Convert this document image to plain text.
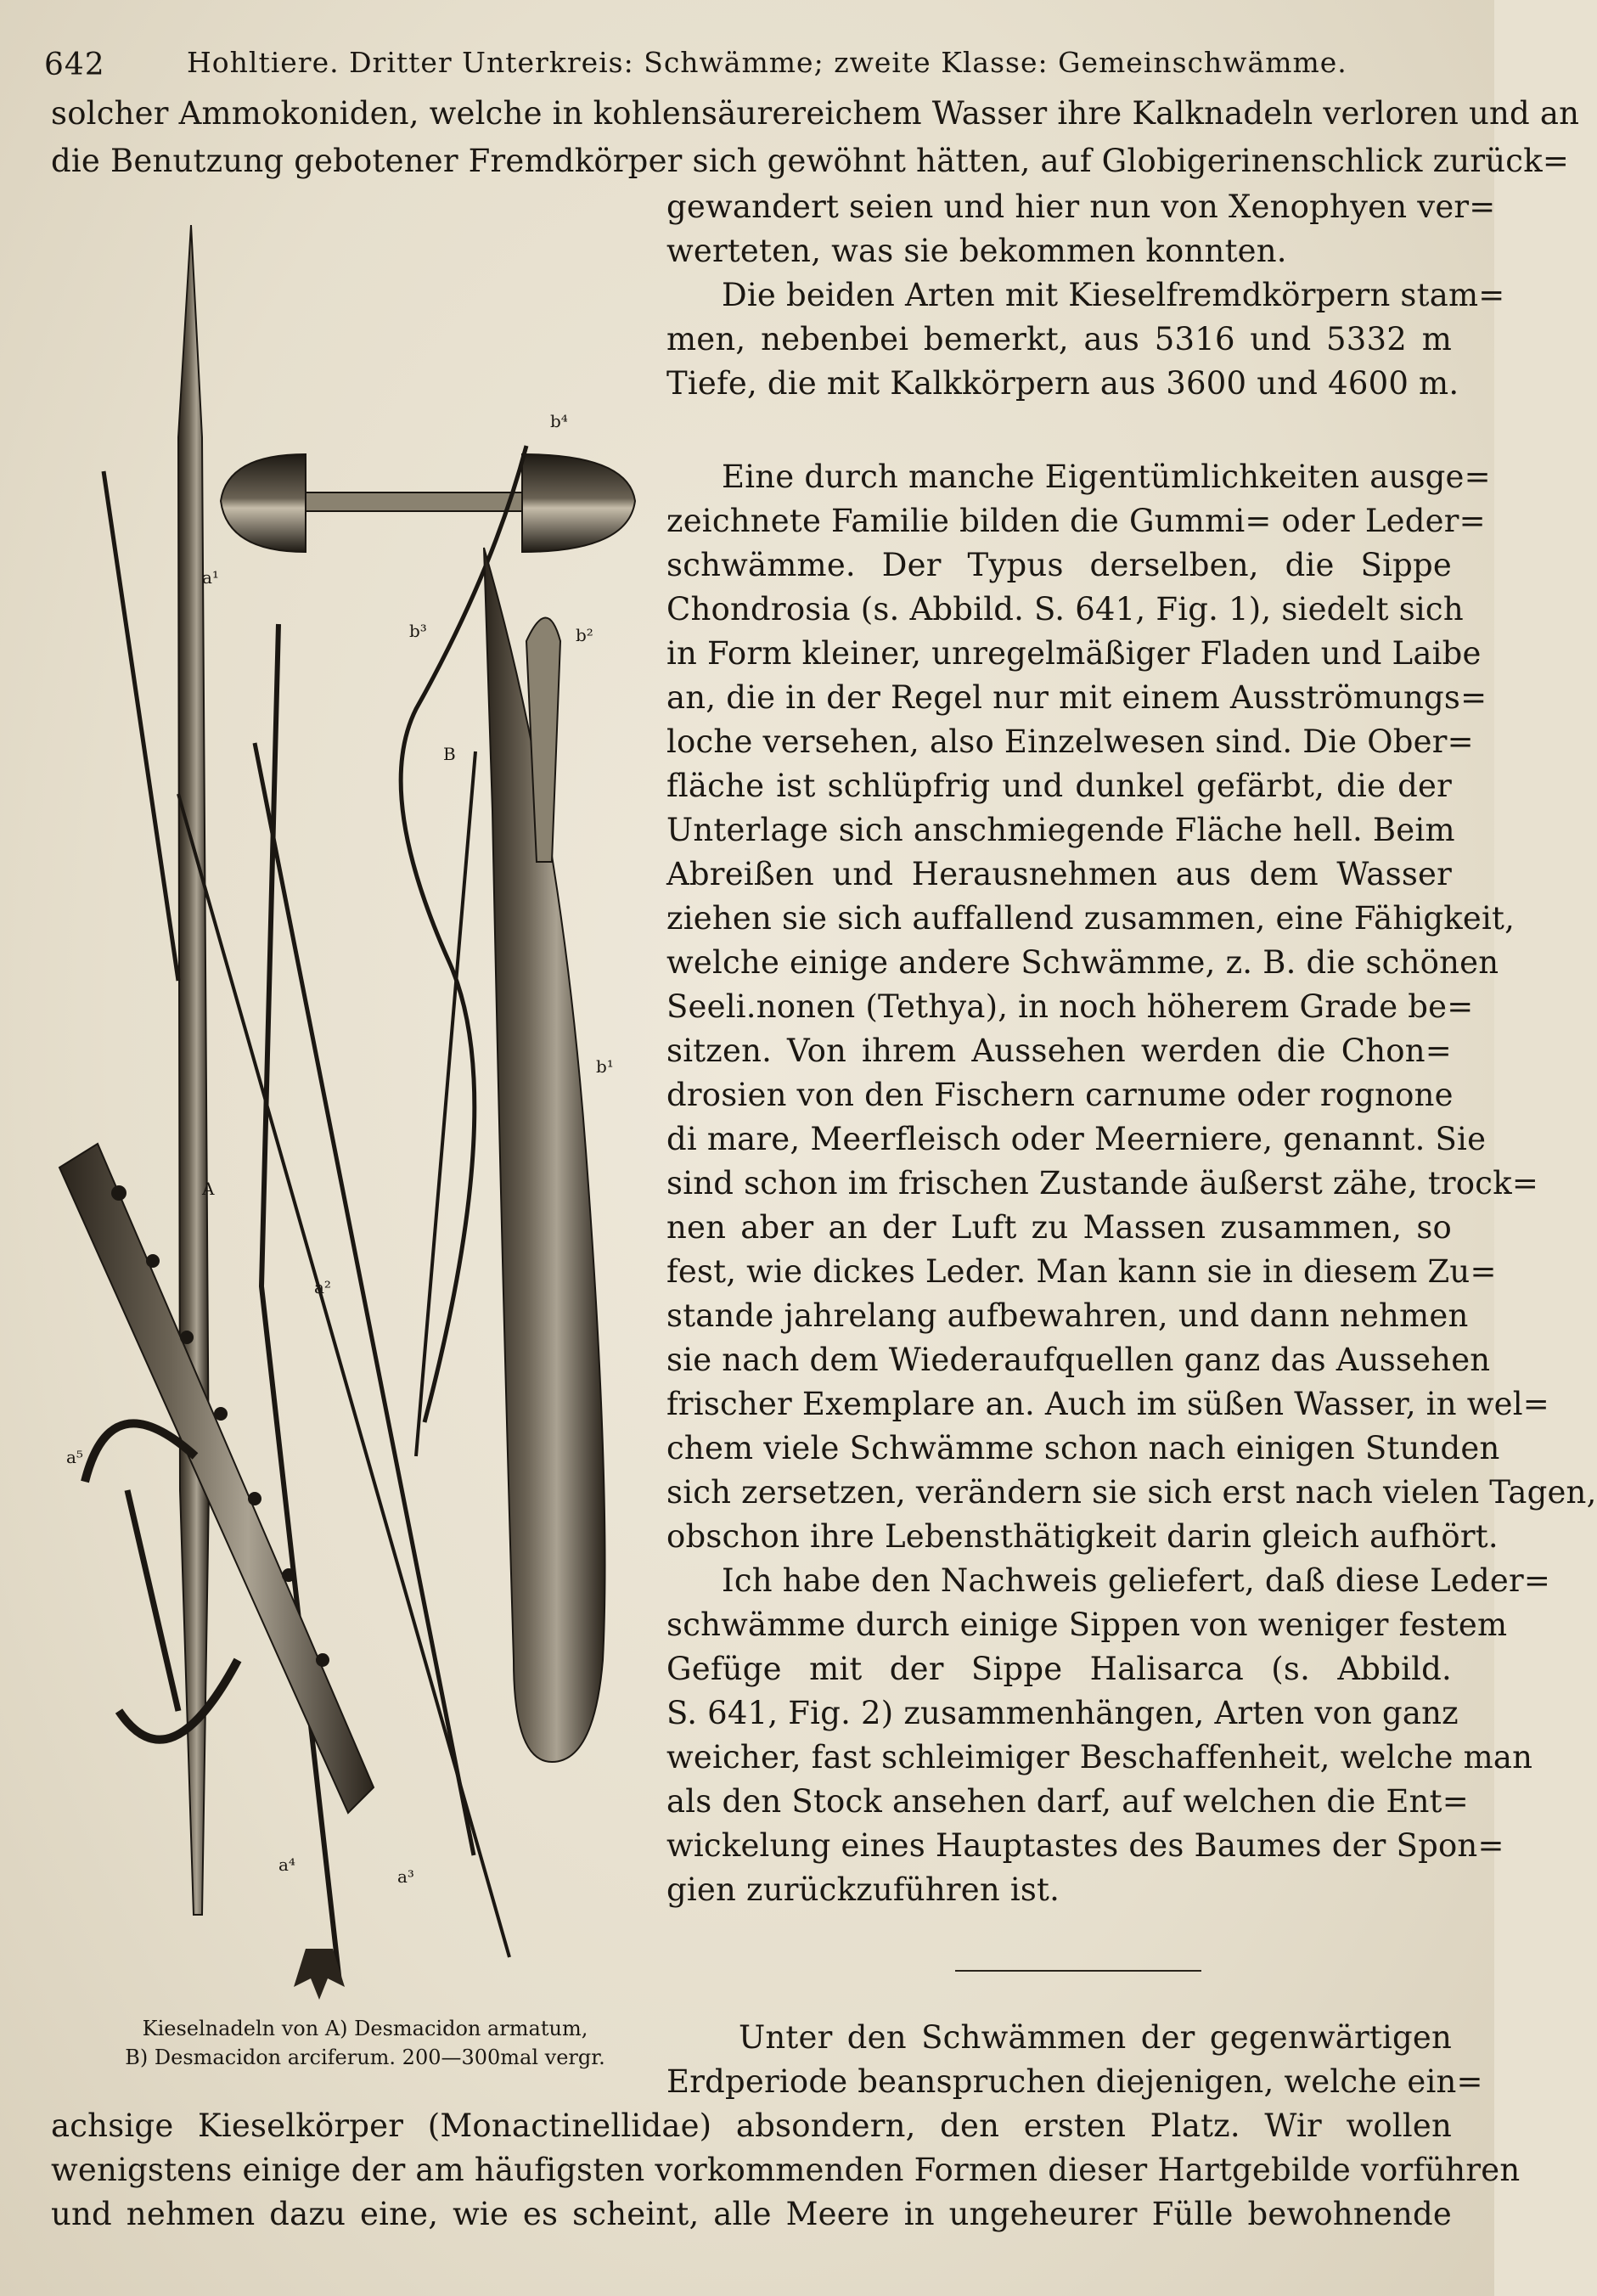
642	Hohltiere. Dritter Unterkreis: Schwämme; zweite Klasse: Gemeinschwämme.
solcher Ammokoniden, welche in kohlensäurereichem Wasser ihre Kalknadeln verloren und an
die Benutzung gebotener Fremdkörper sich gewöhnt hätten, auf Globigerinenschlick zurück=
gewandert seien und hier nun von Xenophyen ver=
werteten, was sie bekommen konnten.
Die beiden Arten mit Kieselfremdkörpern stam=
men, nebenbei bemerkt, aus 5316 und 5332 m
Tiefe, die mit Kalkkörpern aus 3600 und 4600 m.
Eine durch manche Eigentümlichkeiten ausge=
zeichnete Familie bilden die Gummi= oder Leder=
schwämme. Der Typus derselben, die Sippe
Chondrosia (s. Abbild. S. 641, Fig. 1), siedelt sich
in Form kleiner, unregelmäßiger Fladen und Laibe
an, die in der Regel nur mit einem Ausströmungs=
loche versehen, also Einzelwesen sind. Die Ober=
fläche ist schlüpfrig und dunkel gefärbt, die der
Unterlage sich anschmiegende Fläche hell. Beim
Abreißen und Herausnehmen aus dem Wasser
ziehen sie sich auffallend zusammen, eine Fähigkeit,
welche einige andere Schwämme, z. B. die schönen
Seeli.nonen (Tethya), in noch höherem Grade be=
sitzen. Von ihrem Aussehen werden die Chon=
drosien von den Fischern carnume oder rognone
di mare, Meerfleisch oder Meerniere, genannt. Sie
sind schon im frischen Zustande äußerst zähe, trock=
nen aber an der Luft zu Massen zusammen, so
fest, wie dickes Leder. Man kann sie in diesem Zu=
stande jahrelang aufbewahren, und dann nehmen
sie nach dem Wiederaufquellen ganz das Aussehen
frischer Exemplare an. Auch im süßen Wasser, in wel=
chem viele Schwämme schon nach einigen Stunden
sich zersetzen, verändern sie sich erst nach vielen Tagen,
obschon ihre Lebensthätigkeit darin gleich aufhört.
Ich habe den Nachweis geliefert, daß diese Leder=
schwämme durch einige Sippen von weniger festem
Gefüge mit der Sippe Halisarca (s. Abbild.
S. 641, Fig. 2) zusammenhängen, Arten von ganz
weicher, fast schleimiger Beschaffenheit, welche man
als den Stock ansehen darf, auf welchen die Ent=
wickelung eines Hauptastes des Baumes der Spon=
gien zurückzuführen ist.
Unter den Schwämmen der gegenwärtigen
Erdperiode beanspruchen diejenigen, welche ein=
achsige Kieselkörper (Monactinellidae) absondern, den ersten Platz. Wir wollen
wenigstens einige der am häufigsten vorkommenden Formen dieser Hartgebilde vorführen
und nehmen dazu eine, wie es scheint, alle Meere in ungeheurer Fülle bewohnende
a¹
a²
a³
a⁴
a⁵
A
b¹
b²
b³
b⁴
B
Kieselnadeln von A) Desmacidon armatum,
B) Desmacidon arciferum. 200—300mal vergr.
